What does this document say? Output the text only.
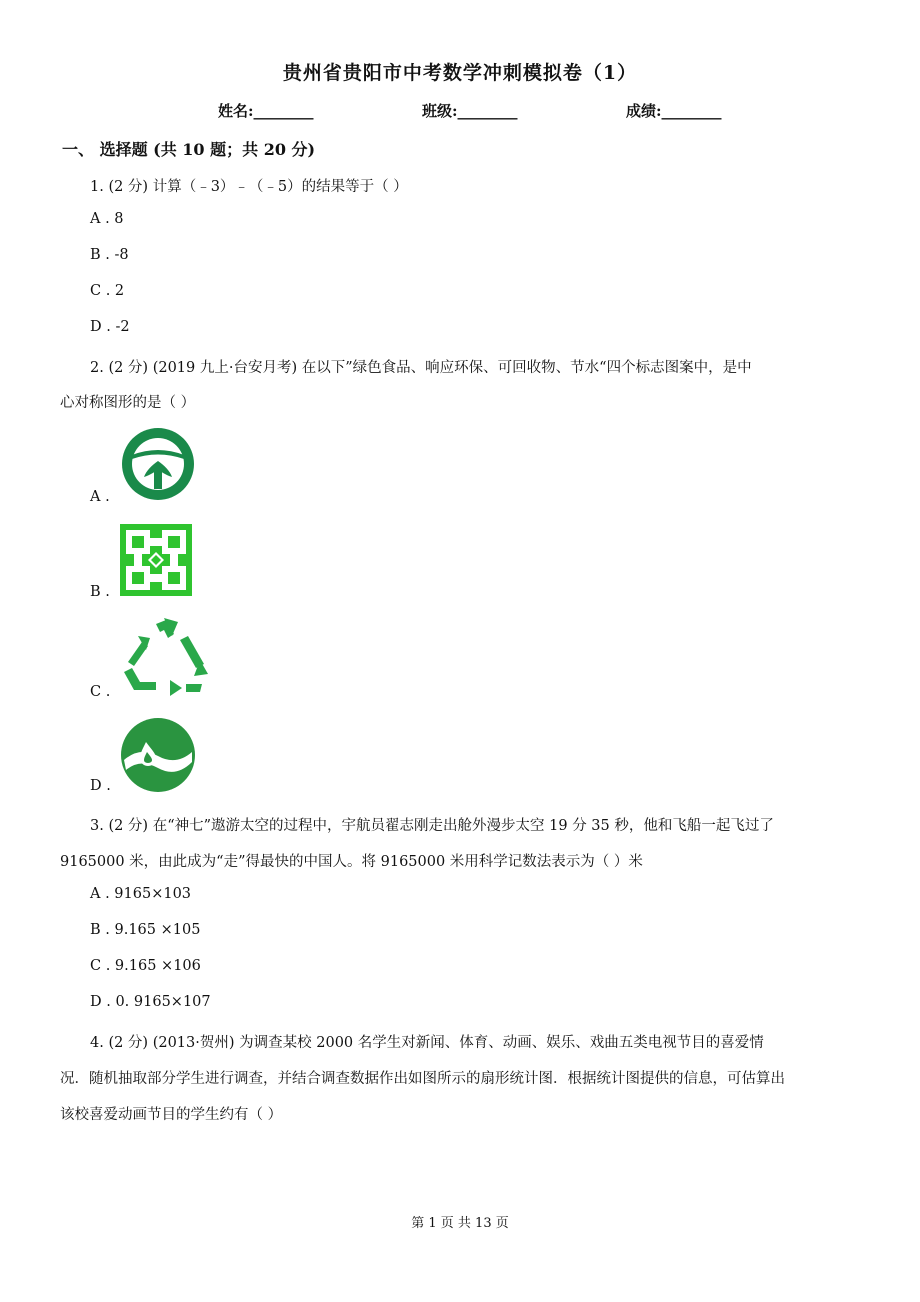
贵州省贵阳市中考数学冲刺模拟卷（1）
姓名:________	班级:________	成绩:________
一、 选择题 (共 10 题；共 20 分)
1. (2 分) 计算（﹣3）﹣（﹣5）的结果等于（ ）
A . 8
B . -8
C . 2
D . -2
2. (2 分) (2019 九上·台安月考) 在以下”绿色食品、响应环保、可回收物、节水“四个标志图案中，是中
心对称图形的是（ ）
A .
B .
C .
D .
3. (2 分) 在“神七”遨游太空的过程中，宇航员翟志刚走出舱外漫步太空 19 分 35 秒，他和飞船一起飞过了
9165000 米，由此成为“走”得最快的中国人。将 9165000 米用科学记数法表示为（ ）米
A . 9165×103
B . 9.165 ×105
C . 9.165 ×106
D . 0. 9165×107
4. (2 分) (2013·贺州) 为调查某校 2000 名学生对新闻、体育、动画、娱乐、戏曲五类电视节目的喜爱情
况．随机抽取部分学生进行调查，并结合调查数据作出如图所示的扇形统计图．根据统计图提供的信息，可估算出
该校喜爱动画节目的学生约有（ ）
第 1 页 共 13 页
